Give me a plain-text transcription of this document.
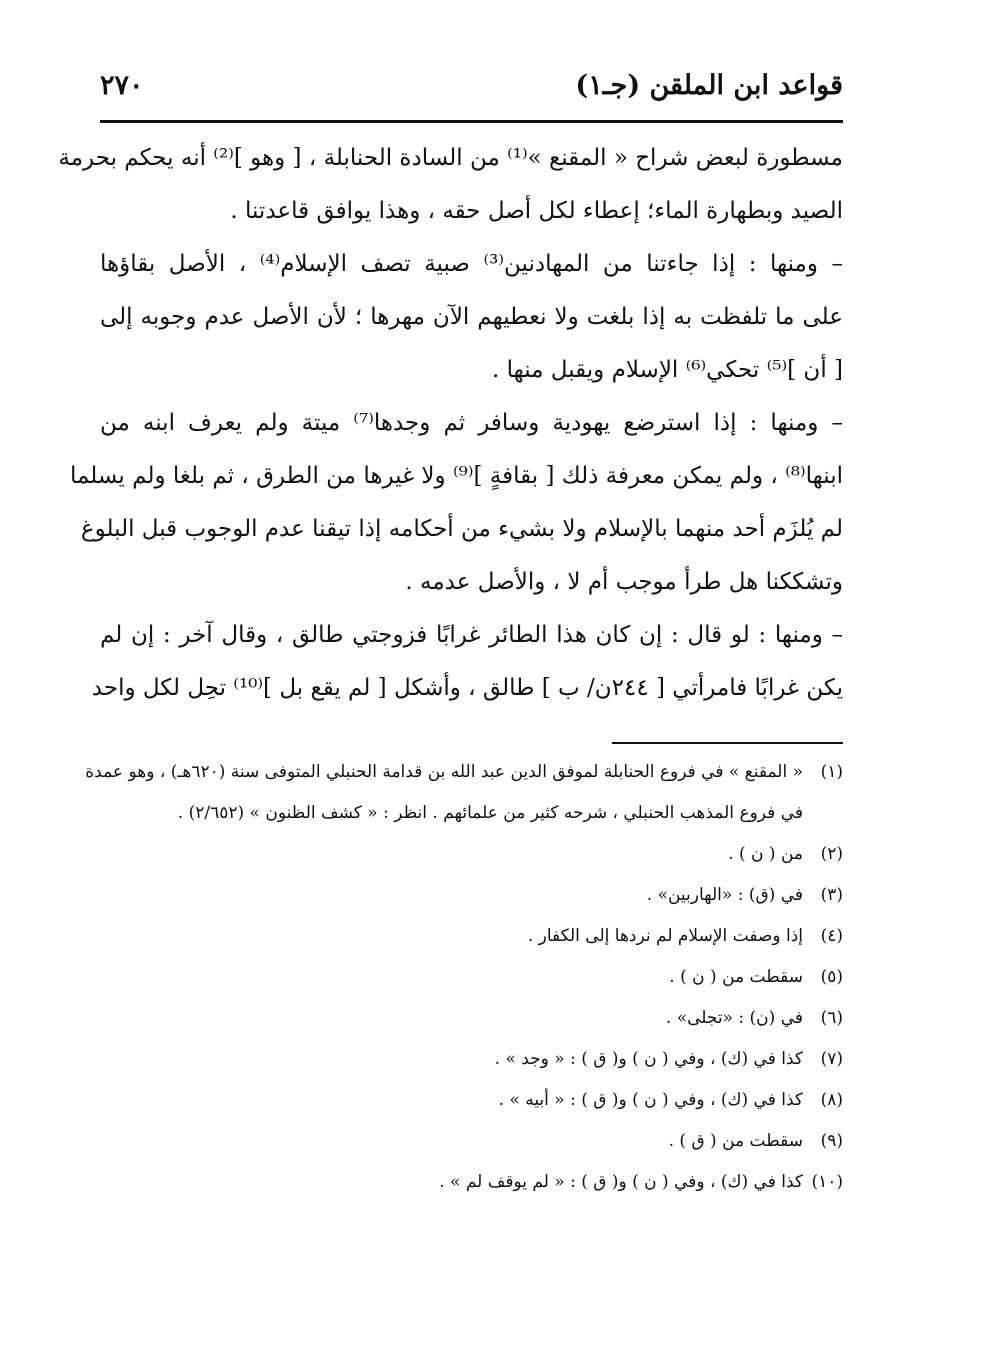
قواعد ابن الملقن (جـ١)
٢٧٠
مسطورة لبعض شراح « المقنع »⁽¹⁾ من السادة الحنابلة ، [ وهو ]⁽²⁾ أنه يحكم بحرمة
الصيد وبطهارة الماء؛ إعطاء لكل أصل حقه ، وهذا يوافق قاعدتنا .
– ومنها : إذا جاءتنا من المهادنين⁽³⁾ صبية تصف الإسلام⁽⁴⁾ ، الأصل بقاؤها
على ما تلفظت به إذا بلغت ولا نعطيهم الآن مهرها ؛ لأن الأصل عدم وجوبه إلى
[ أن ]⁽⁵⁾ تحكي⁽⁶⁾ الإسلام ويقبل منها .
– ومنها : إذا استرضع يهودية وسافر ثم وجدها⁽⁷⁾ ميتة ولم يعرف ابنه من
ابنها⁽⁸⁾ ، ولم يمكن معرفة ذلك [ بقافةٍ ]⁽⁹⁾ ولا غيرها من الطرق ، ثم بلغا ولم يسلما
لم يُلزَم أحد منهما بالإسلام ولا بشيء من أحكامه إذا تيقنا عدم الوجوب قبل البلوغ
وتشككنا هل طرأ موجب أم لا ، والأصل عدمه .
– ومنها : لو قال : إن كان هذا الطائر غرابًا فزوجتي طالق ، وقال آخر : إن لم
يكن غرابًا فامرأتي [ ٢٤٤ن/ ب ] طالق ، وأشكل [ لم يقع بل ]⁽¹⁰⁾ تحِل لكل واحد
(١)
« المقنع » في فروع الحنابلة لموفق الدين عبد الله بن قدامة الحنبلي المتوفى سنة (٦٢٠هـ) ، وهو عمدة
في فروع المذهب الحنبلي ، شرحه كثير من علمائهم . انظر : « كشف الظنون » (٢/٦٥٢) .
(٢)
من ( ن ) .
(٣)
في (ق) : «الهاربين» .
(٤)
إذا وصفت الإسلام لم نردها إلى الكفار .
(٥)
سقطت من ( ن ) .
(٦)
في (ن) : «تجلى» .
(٧)
كذا في (ك) ، وفي ( ن ) و( ق ) : « وجد » .
(٨)
كذا في (ك) ، وفي ( ن ) و( ق ) : « أبيه » .
(٩)
سقطت من ( ق ) .
(١٠)
كذا في (ك) ، وفي ( ن ) و( ق ) : « لم يوقف لم » .
